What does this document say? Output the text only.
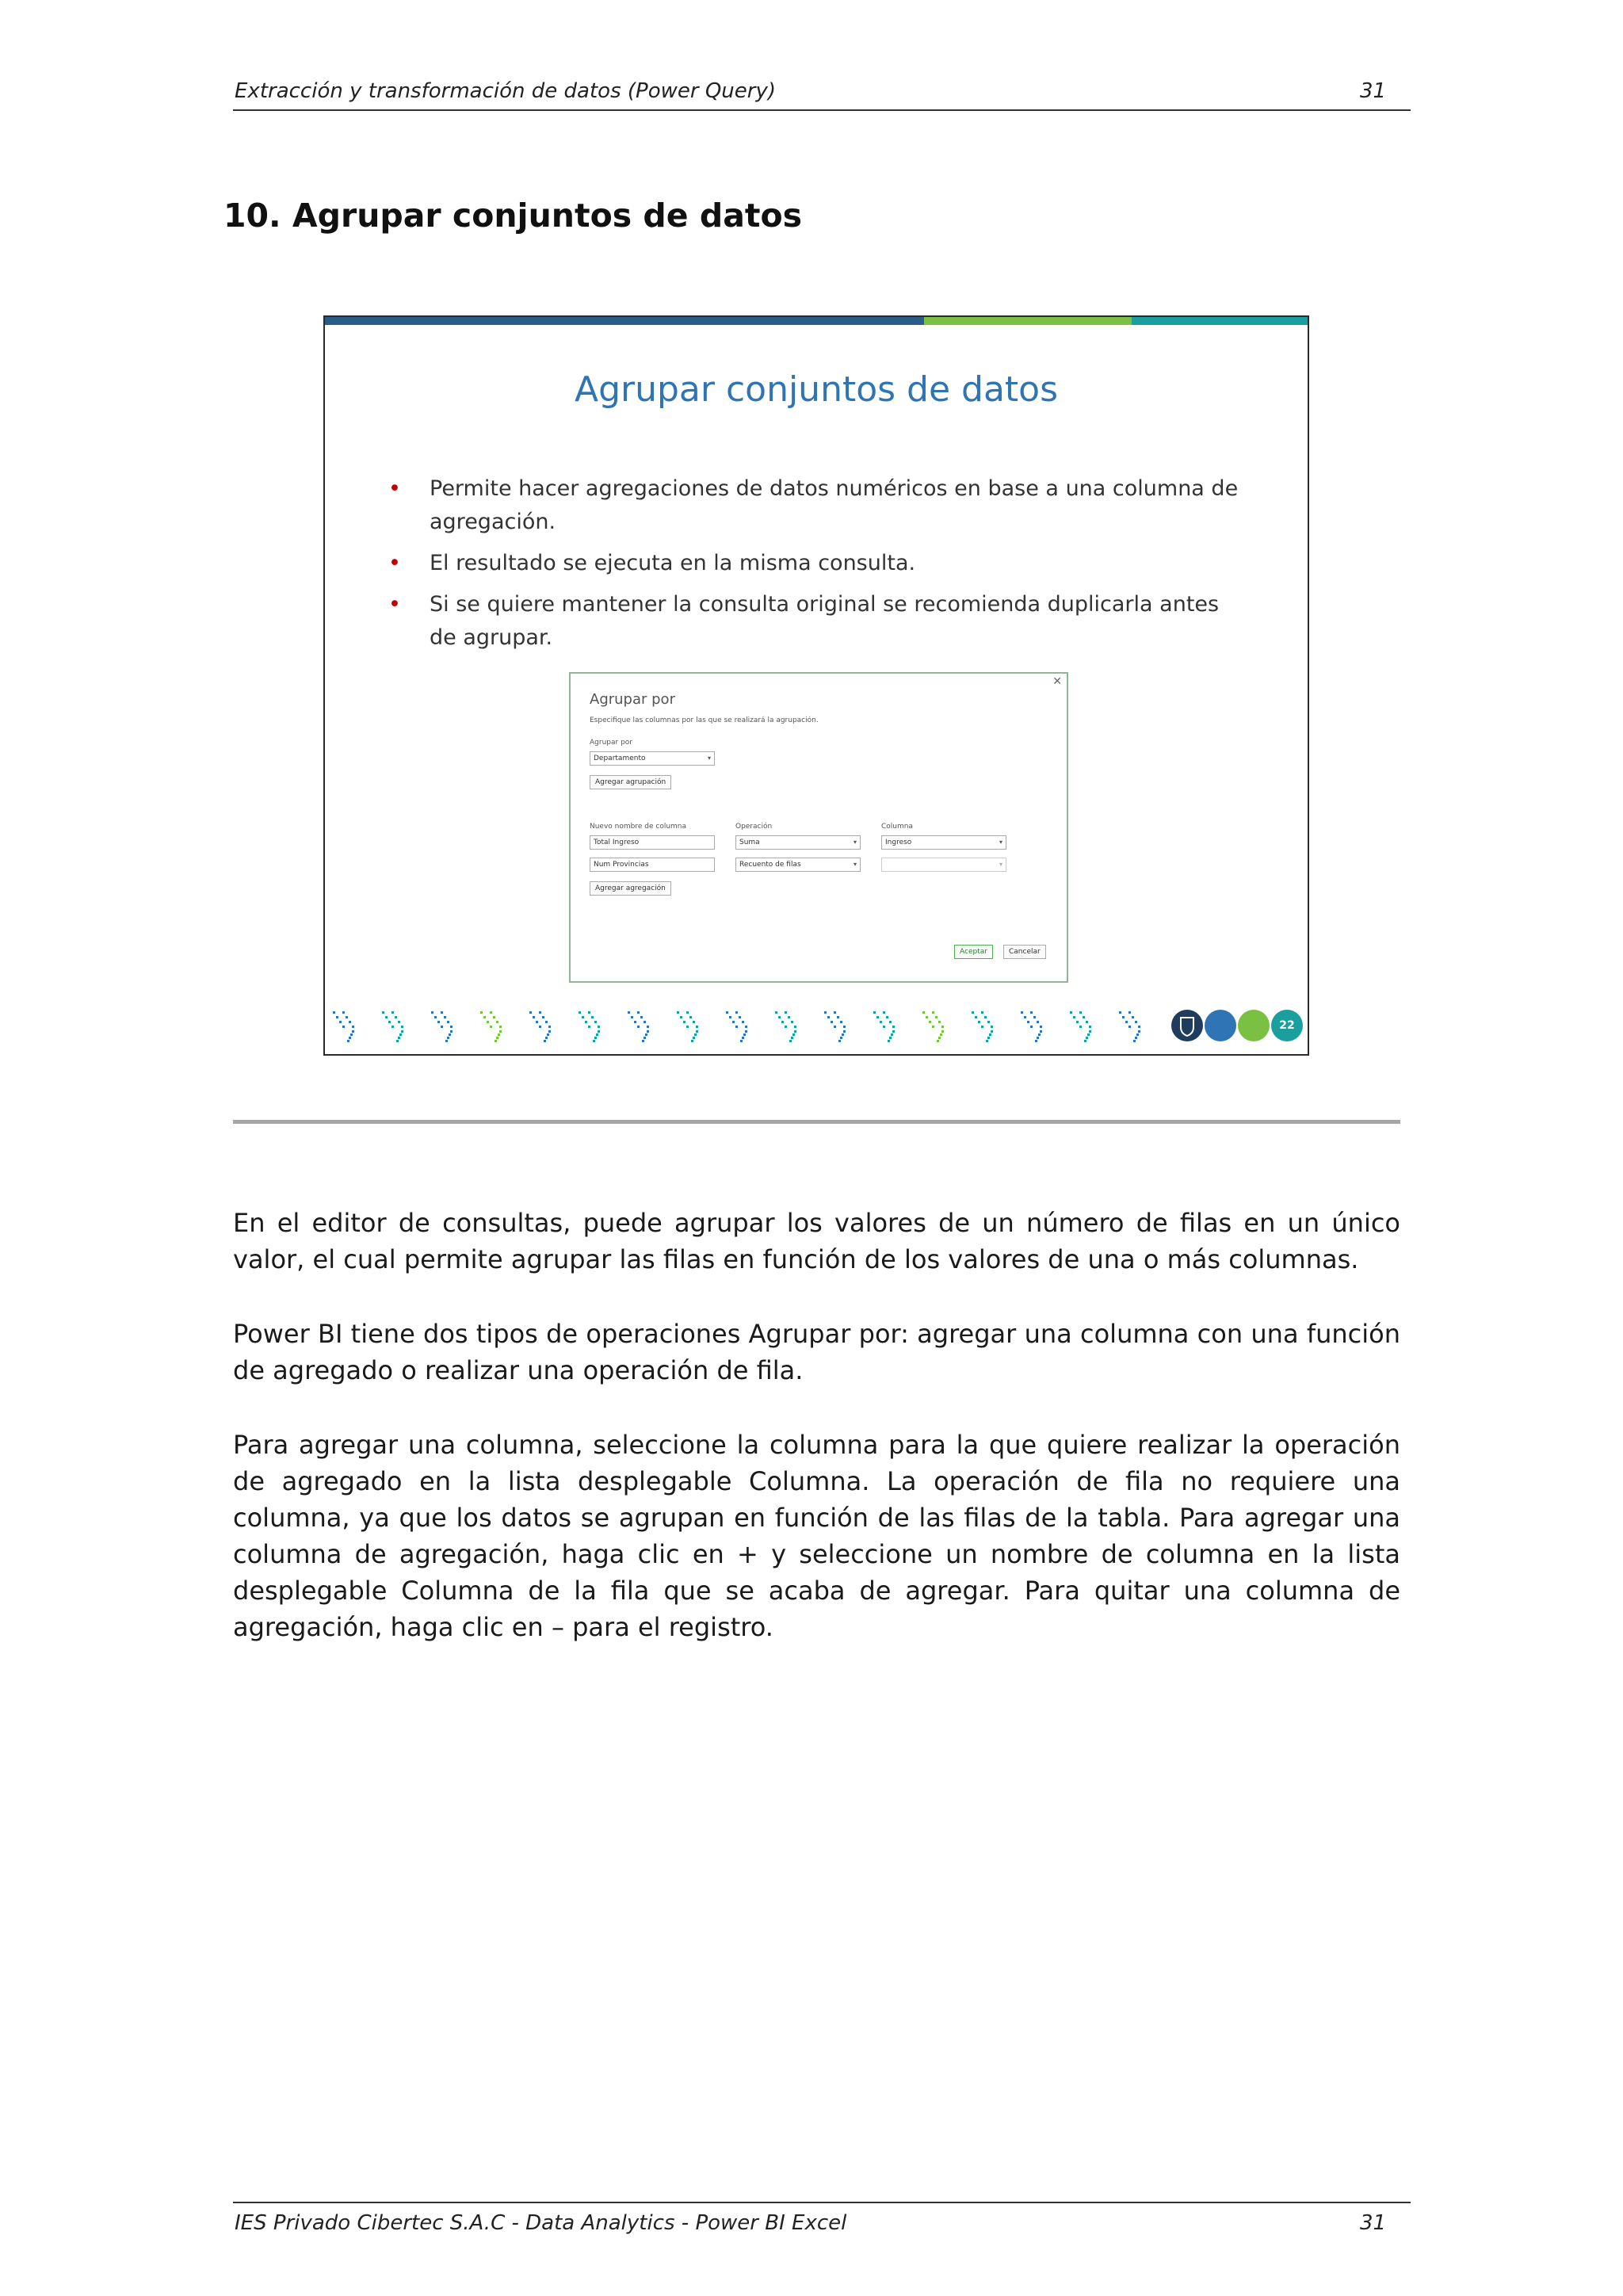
Extracción y transformación de datos (Power Query)	31
10. Agrupar conjuntos de datos
Agrupar conjuntos de datos
• Permite hacer agregaciones de datos numéricos en base a una columna de agregación.
• El resultado se ejecuta en la misma consulta.
• Si se quiere mantener la consulta original se recomienda duplicarla antes de agrupar.
✕
Agrupar por
Especifique las columnas por las que se realizará la agrupación.
Agrupar por
Departamento	▾
Agregar agrupación
Nuevo nombre de columna	Operación	Columna
Total Ingreso	Suma	▾	Ingreso	▾
Num Provincias	Recuento de filas	▾	▾
Agregar agregación
Aceptar	Cancelar
22

En el editor de consultas, puede agrupar los valores de un número de filas en un único valor, el cual permite agrupar las filas en función de los valores de una o más columnas.

Power BI tiene dos tipos de operaciones Agrupar por: agregar una columna con una función de agregado o realizar una operación de fila.

Para agregar una columna, seleccione la columna para la que quiere realizar la operación de agregado en la lista desplegable Columna. La operación de fila no requiere una columna, ya que los datos se agrupan en función de las filas de la tabla. Para agregar una columna de agregación, haga clic en + y seleccione un nombre de columna en la lista desplegable Columna de la fila que se acaba de agregar. Para quitar una columna de agregación, haga clic en – para el registro.

IES Privado Cibertec S.A.C - Data Analytics - Power BI Excel	31
